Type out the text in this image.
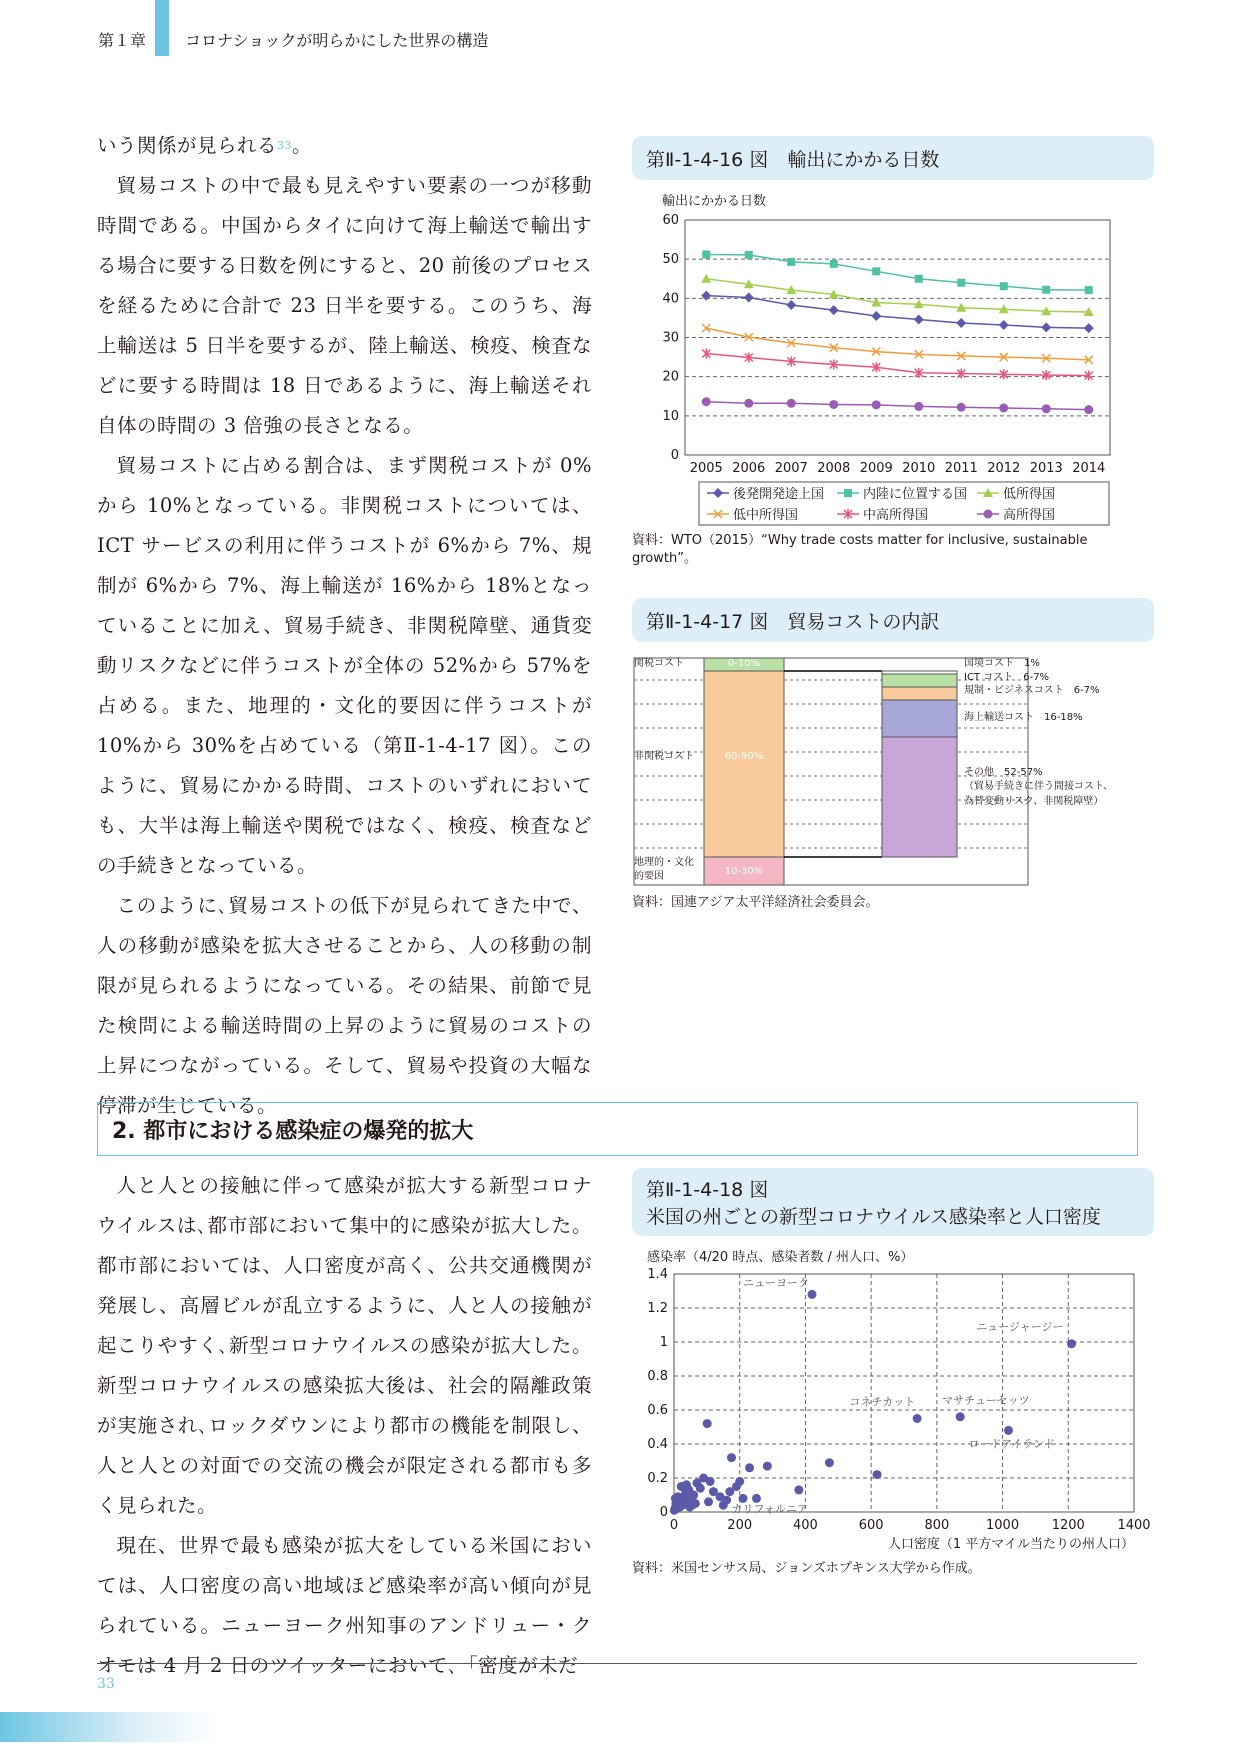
第１章 コロナショックが明らかにした世界の構造

いう関係が見られる$^{33}$。

貿易コストの中で最も見えやすい要素の一つが移動時間である。中国からタイに向けて海上輸送で輸出する場合に要する日数を例にすると、20 前後のプロセスを経るために合計で 23 日半を要する。このうち、海上輸送は 5 日半を要するが、陸上輸送、検疫、検査などに要する時間は 18 日であるように、海上輸送それ自体の時間の 3 倍強の長さとなる。

貿易コストに占める割合は、まず関税コストが 0%から 10%となっている。非関税コストについては、ICT サービスの利用に伴うコストが 6%から 7%、規制が 6%から 7%、海上輸送が 16%から 18%となっていることに加え、貿易手続き、非関税障壁、通貨変動リスクなどに伴うコストが全体の 52%から 57%を占める。また、地理的・文化的要因に伴うコストが 10%から 30%を占めている（第Ⅱ-1-4-17 図）。このように、貿易にかかる時間、コストのいずれにおいても、大半は海上輸送や関税ではなく、検疫、検査などの手続きとなっている。

このように､貿易コストの低下が見られてきた中で、人の移動が感染を拡大させることから、人の移動の制限が見られるようになっている。その結果、前節で見た検問による輸送時間の上昇のように貿易のコストの上昇につながっている。そして、貿易や投資の大幅な停滞が生じている。

第Ⅱ-1-4-16 図　輸出にかかる日数
輸出にかかる日数
0
10
20
30
40
50
60
2005 2006 2007 2008 2009 2010 2011 2012 2013 2014
後発開発途上国	内陸に位置する国	低所得国
低中所得国	中高所得国	高所得国
資料：WTO（2015）“Why trade costs matter for inclusive, sustainable growth”。
第Ⅱ-1-4-17 図　貿易コストの内訳
関税コスト
非関税コスト
地理的・文化
的要因
0-10%
60-90%
10-30%
国境コスト　1%
ICT コスト　6-7%
規制・ビジネスコスト　6-7%
海上輸送コスト　16-18%
その他　52-57%
（貿易手続きに伴う間接コスト、
為替変動リスク、非関税障壁）
資料：国連アジア太平洋経済社会委員会。
2. 都市における感染症の爆発的拡大

人と人との接触に伴って感染が拡大する新型コロナウイルスは､都市部において集中的に感染が拡大した。都市部においては、人口密度が高く、公共交通機関が発展し、高層ビルが乱立するように、人と人の接触が起こりやすく､新型コロナウイルスの感染が拡大した。新型コロナウイルスの感染拡大後は、社会的隔離政策が実施され､ロックダウンにより都市の機能を制限し、人と人との対面での交流の機会が限定される都市も多く見られた。

現在、世界で最も感染が拡大をしている米国においては、人口密度の高い地域ほど感染率が高い傾向が見られている。ニューヨーク州知事のアンドリュー・クオモは 4 月 2 日のツイッターにおいて､「密度が未だ

第Ⅱ-1-4-18 図
米国の州ごとの新型コロナウイルス感染率と人口密度
感染率（4/20 時点、感染者数 / 州人口、%）
0
0.2
0.4
0.6
0.8
1
1.2
1.4
0	200	400	600	800	1000	1200	1400
ニューヨーク
ニュージャージー
コネチカット マサチューセッツ
ロードアイランド
カリフォルニア
人口密度（1 平方マイル当たりの州人口）
資料：米国センサス局、ジョンズホプキンス大学から作成。
33
